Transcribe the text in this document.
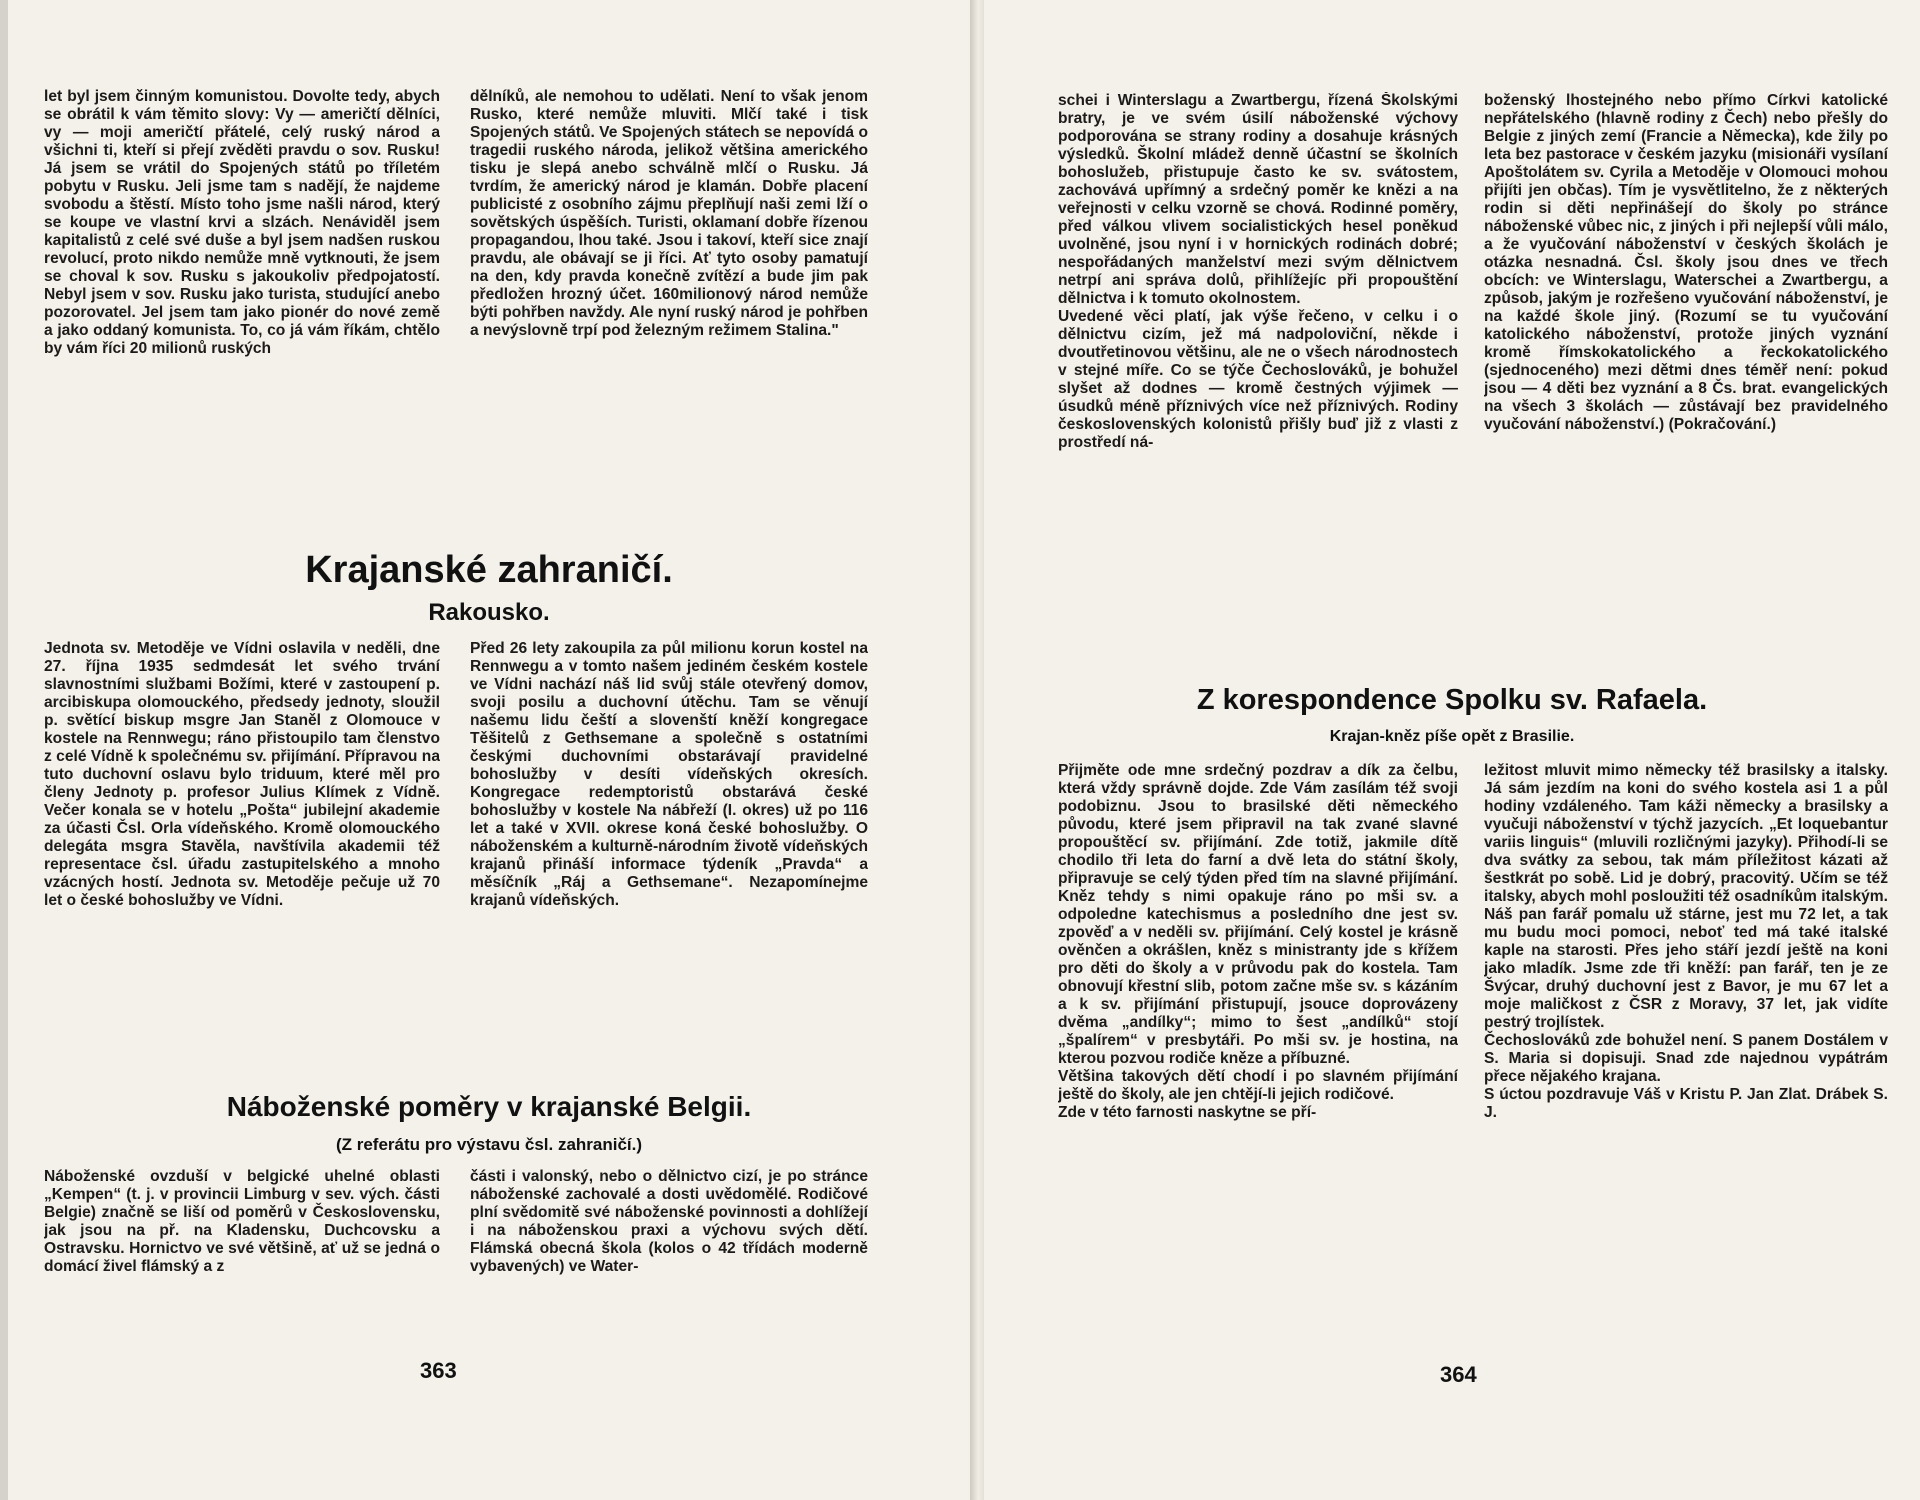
let byl jsem činným komunistou. Dovolte tedy, abych se obrátil k vám těmito slovy: Vy — američtí dělníci, vy — moji američtí přátelé, celý ruský národ a všichni ti, kteří si přejí zvěděti pravdu o sov. Rusku! Já jsem se vrátil do Spojených států po tříletém pobytu v Rusku. Jeli jsme tam s nadějí, že najdeme svobodu a štěstí. Místo toho jsme našli národ, který se koupe ve vlastní krvi a slzách. Nenáviděl jsem kapitalistů z celé své duše a byl jsem nadšen ruskou revolucí, proto nikdo nemůže mně vytknouti, že jsem se choval k sov. Rusku s jakoukoliv předpojatostí. Nebyl jsem v sov. Rusku jako turista, studující anebo pozorovatel. Jel jsem tam jako pionér do nové země a jako oddaný komunista. To, co já vám říkám, chtělo by vám říci 20 milionů ruských

dělníků, ale nemohou to udělati. Není to však jenom Rusko, které nemůže mluviti. Mlčí také i tisk Spojených států. Ve Spojených státech se nepovídá o tragedii ruského národa, jelikož většina amerického tisku je slepá anebo schválně mlčí o Rusku. Já tvrdím, že americký národ je klamán. Dobře placení publicisté z osobního zájmu přeplňují naši zemi lží o sovětských úspěších. Turisti, oklamaní dobře řízenou propagandou, lhou také. Jsou i takoví, kteří sice znají pravdu, ale obávají se ji říci. Ať tyto osoby pamatují na den, kdy pravda konečně zvítězí a bude jim pak předložen hrozný účet. 160milionový národ nemůže býti pohřben navždy. Ale nyní ruský národ je pohřben a nevýslovně trpí pod železným režimem Stalina."

Krajanské zahraničí.
Rakousko.

Jednota sv. Metoděje ve Vídni oslavila v neděli, dne 27. října 1935 sedmdesát let svého trvání slavnostními službami Božími, které v zastoupení p. arcibiskupa olomouckého, předsedy jednoty, sloužil p. světící biskup msgre Jan Staněl z Olomouce v kostele na Rennwegu; ráno přistoupilo tam členstvo z celé Vídně k společnému sv. přijímání. Přípravou na tuto duchovní oslavu bylo triduum, které měl pro členy Jednoty p. profesor Julius Klímek z Vídně. Večer konala se v hotelu „Pošta“ jubilejní akademie za účasti Čsl. Orla vídeňského. Kromě olomouckého delegáta msgra Stavěla, navštívila akademii též representace čsl. úřadu zastupitelského a mnoho vzácných hostí. Jednota sv. Metoděje pečuje už 70 let o české bohoslužby ve Vídni.

Před 26 lety zakoupila za půl milionu korun kostel na Rennwegu a v tomto našem jediném českém kostele ve Vídni nachází náš lid svůj stále otevřený domov, svoji posilu a duchovní útěchu. Tam se věnují našemu lidu čeští a slovenští kněží kongregace Těšitelů z Gethsemane a společně s ostatními českými duchovními obstarávají pravidelné bohoslužby v desíti vídeňských okresích. Kongregace redemptoristů obstarává české bohoslužby v kostele Na nábřeží (I. okres) už po 116 let a také v XVII. okrese koná české bohoslužby. O náboženském a kulturně-národním životě vídeňských krajanů přináší informace týdeník „Pravda“ a měsíčník „Ráj a Gethsemane“. Nezapomínejme krajanů vídeňských.

Náboženské poměry v krajanské Belgii.
(Z referátu pro výstavu čsl. zahraničí.)

Náboženské ovzduší v belgické uhelné oblasti „Kempen“ (t. j. v provincii Limburg v sev. vých. části Belgie) značně se liší od poměrů v Československu, jak jsou na př. na Kladensku, Duchcovsku a Ostravsku. Hornictvo ve své většině, ať už se jedná o domácí živel flámský a z

části i valonský, nebo o dělnictvo cizí, je po stránce náboženské zachovalé a dosti uvědomělé. Rodičové plní svědomitě své náboženské povinnosti a dohlížejí i na náboženskou praxi a výchovu svých dětí. Flámská obecná škola (kolos o 42 třídách moderně vybavených) ve Water-

363

schei i Winterslagu a Zwartbergu, řízená Školskými bratry, je ve svém úsilí náboženské výchovy podporována se strany rodiny a dosahuje krásných výsledků. Školní mládež denně účastní se školních bohoslužeb, přistupuje často ke sv. svátostem, zachovává upřímný a srdečný poměr ke knězi a na veřejnosti v celku vzorně se chová. Rodinné poměry, před válkou vlivem socialistických hesel poněkud uvolněné, jsou nyní i v hornických rodinách dobré; nespořádaných manželství mezi svým dělnictvem netrpí ani správa dolů, přihlížejíc při propouštění dělnictva i k tomuto okolnostem.
Uvedené věci platí, jak výše řečeno, v celku i o dělnictvu cizím, jež má nadpoloviční, někde i dvoutřetinovou většinu, ale ne o všech národnostech v stejné míře. Co se týče Čechoslováků, je bohužel slyšet až dodnes — kromě čestných výjimek — úsudků méně příznivých více než příznivých. Rodiny československých kolonistů přišly buď již z vlasti z prostředí ná-

boženský lhostejného nebo přímo Církvi katolické nepřátelského (hlavně rodiny z Čech) nebo přešly do Belgie z jiných zemí (Francie a Německa), kde žily po leta bez pastorace v českém jazyku (misionáři vysílaní Apoštolátem sv. Cyrila a Metoděje v Olomouci mohou přijíti jen občas). Tím je vysvětlitelno, že z některých rodin si děti nepřinášejí do školy po stránce náboženské vůbec nic, z jiných i při nejlepší vůli málo, a že vyučování náboženství v českých školách je otázka nesnadná. Čsl. školy jsou dnes ve třech obcích: ve Winterslagu, Waterschei a Zwartbergu, a způsob, jakým je rozřešeno vyučování náboženství, je na každé škole jiný. (Rozumí se tu vyučování katolického náboženství, protože jiných vyznání kromě římskokatolického a řeckokatolického (sjednoceného) mezi dětmi dnes téměř není: pokud jsou — 4 děti bez vyznání a 8 Čs. brat. evangelických na všech 3 školách — zůstávají bez pravidelného vyučování náboženství.) (Pokračování.)

Z korespondence Spolku sv. Rafaela.
Krajan-kněz píše opět z Brasilie.

Přijměte ode mne srdečný pozdrav a dík za čelbu, která vždy správně dojde. Zde Vám zasílám též svoji podobiznu. Jsou to brasilské děti německého původu, které jsem připravil na tak zvané slavné propouštěcí sv. přijímání. Zde totiž, jakmile dítě chodilo tři leta do farní a dvě leta do státní školy, připravuje se celý týden před tím na slavné přijímání. Kněz tehdy s nimi opakuje ráno po mši sv. a odpoledne katechismus a posledního dne jest sv. zpověď a v neděli sv. přijímání. Celý kostel je krásně ověnčen a okrášlen, kněz s ministranty jde s křížem pro děti do školy a v průvodu pak do kostela. Tam obnovují křestní slib, potom začne mše sv. s kázáním a k sv. přijímání přistupují, jsouce doprovázeny dvěma „andílky“; mimo to šest „andílků“ stojí „špalírem“ v presbytáři. Po mši sv. je hostina, na kterou pozvou rodiče kněze a příbuzné.
Většina takových dětí chodí i po slavném přijímání ještě do školy, ale jen chtějí-li jejich rodičové.
Zde v této farnosti naskytne se pří-

ležitost mluvit mimo německy též brasilsky a italsky. Já sám jezdím na koni do svého kostela asi 1 a půl hodiny vzdáleného. Tam káži německy a brasilsky a vyučuji náboženství v týchž jazycích. „Et loquebantur variis linguis“ (mluvili rozličnými jazyky). Přihodí-li se dva svátky za sebou, tak mám příležitost kázati až šestkrát po sobě. Lid je dobrý, pracovitý. Učím se též italsky, abych mohl posloužiti též osadníkům italským. Náš pan farář pomalu už stárne, jest mu 72 let, a tak mu budu moci pomoci, neboť ted má také italské kaple na starosti. Přes jeho stáří jezdí ještě na koni jako mladík. Jsme zde tři kněží: pan farář, ten je ze Švýcar, druhý duchovní jest z Bavor, je mu 67 let a moje maličkost z ČSR z Moravy, 37 let, jak vidíte pestrý trojlístek.
Čechoslováků zde bohužel není. S panem Dostálem v S. Maria si dopisuji. Snad zde najednou vypátrám přece nějakého krajana.
S úctou pozdravuje Váš v Kristu P. Jan Zlat. Drábek S. J.

364
